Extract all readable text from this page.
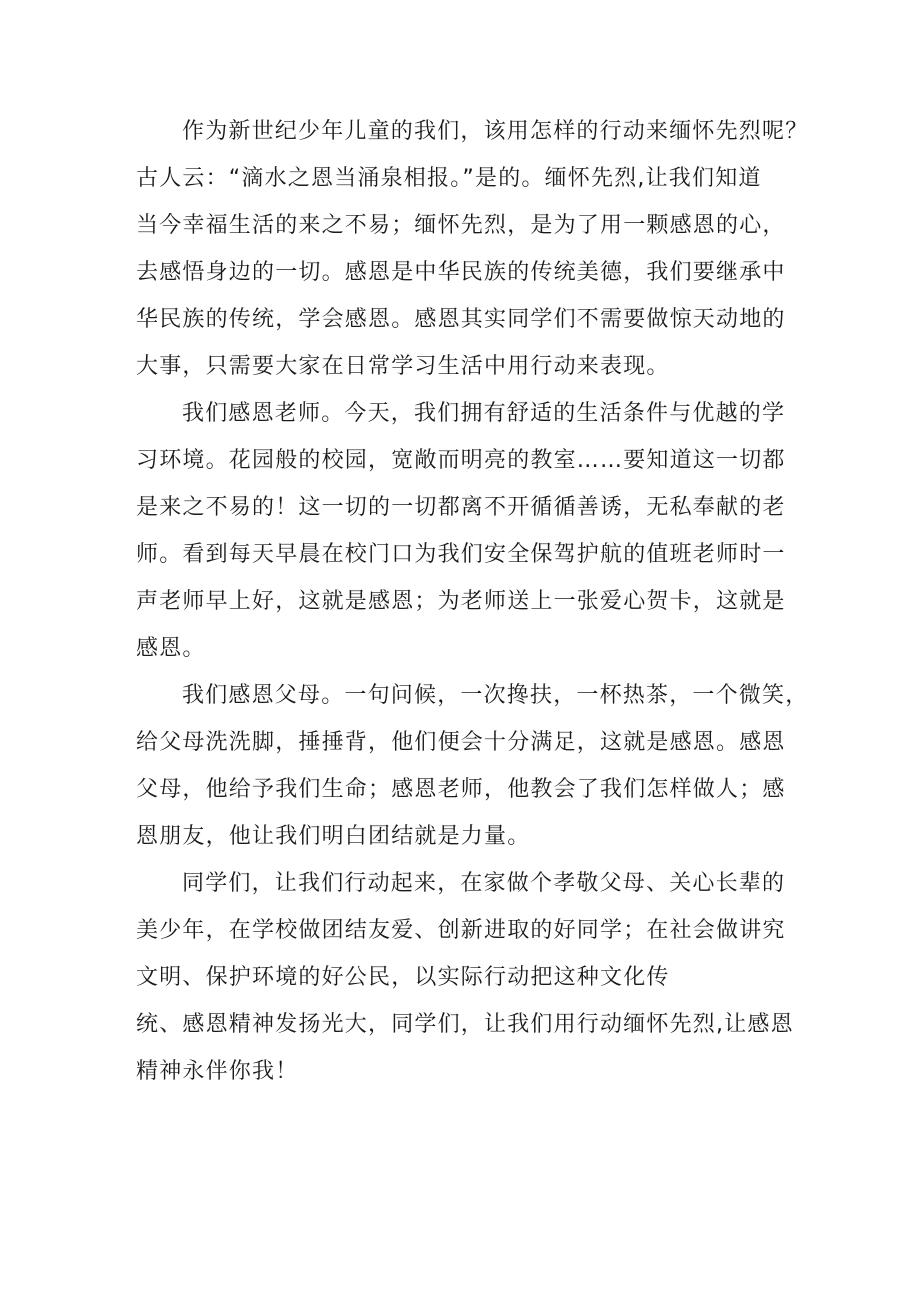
作为新世纪少年儿童的我们，该用怎样的行动来缅怀先烈呢？
古人云：“滴水之恩当涌泉相报。”是的。缅怀先烈,让我们知道
当今幸福生活的来之不易；缅怀先烈，是为了用一颗感恩的心，
去感悟身边的一切。感恩是中华民族的传统美德，我们要继承中
华民族的传统，学会感恩。感恩其实同学们不需要做惊天动地的
大事，只需要大家在日常学习生活中用行动来表现。
我们感恩老师。今天，我们拥有舒适的生活条件与优越的学
习环境。花园般的校园，宽敞而明亮的教室……要知道这一切都
是来之不易的！这一切的一切都离不开循循善诱，无私奉献的老
师。看到每天早晨在校门口为我们安全保驾护航的值班老师时一
声老师早上好，这就是感恩；为老师送上一张爱心贺卡，这就是
感恩。
我们感恩父母。一句问候，一次搀扶，一杯热茶，一个微笑，
给父母洗洗脚，捶捶背，他们便会十分满足，这就是感恩。感恩
父母，他给予我们生命；感恩老师，他教会了我们怎样做人；感
恩朋友，他让我们明白团结就是力量。
同学们，让我们行动起来，在家做个孝敬父母、关心长辈的
美少年，在学校做团结友爱、创新进取的好同学；在社会做讲究
文明、保护环境的好公民，以实际行动把这种文化传
统、感恩精神发扬光大，同学们，让我们用行动缅怀先烈,让感恩
精神永伴你我！
